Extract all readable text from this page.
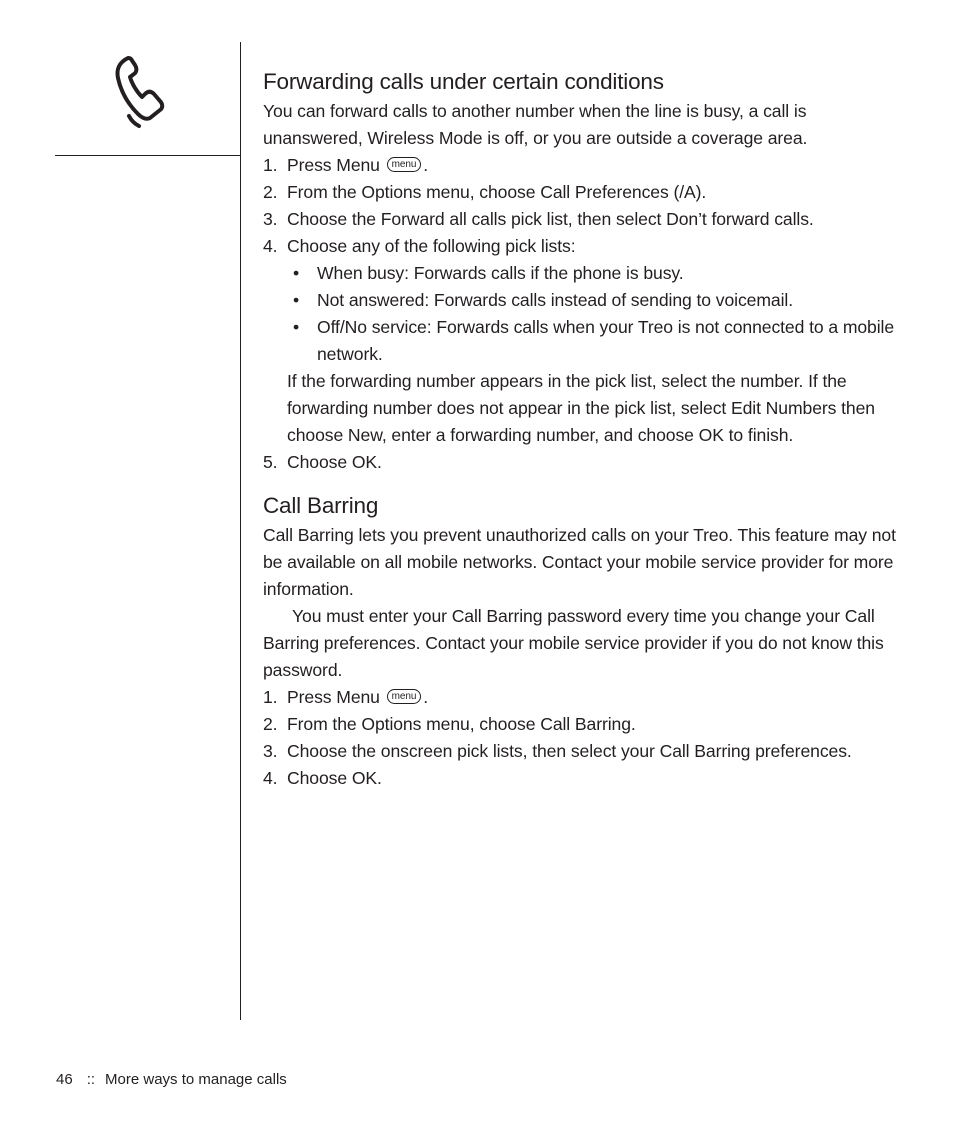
Forwarding calls under certain conditions

You can forward calls to another number when the line is busy, a call is unanswered, Wireless Mode is off, or you are outside a coverage area.

1. Press Menu menu .
2. From the Options menu, choose Call Preferences (/A).
3. Choose the Forward all calls pick list, then select Don’t forward calls.
4. Choose any of the following pick lists:
• When busy: Forwards calls if the phone is busy.
• Not answered: Forwards calls instead of sending to voicemail.
• Off/No service: Forwards calls when your Treo is not connected to a mobile network.

If the forwarding number appears in the pick list, select the number. If the forwarding number does not appear in the pick list, select Edit Numbers then choose New, enter a forwarding number, and choose OK to finish.

5. Choose OK.
Call Barring

Call Barring lets you prevent unauthorized calls on your Treo. This feature may not be available on all mobile networks. Contact your mobile service provider for more information.

You must enter your Call Barring password every time you change your Call Barring preferences. Contact your mobile service provider if you do not know this password.

1. Press Menu menu .
2. From the Options menu, choose Call Barring.
3. Choose the onscreen pick lists, then select your Call Barring preferences.
4. Choose OK.
46 :: More ways to manage calls
